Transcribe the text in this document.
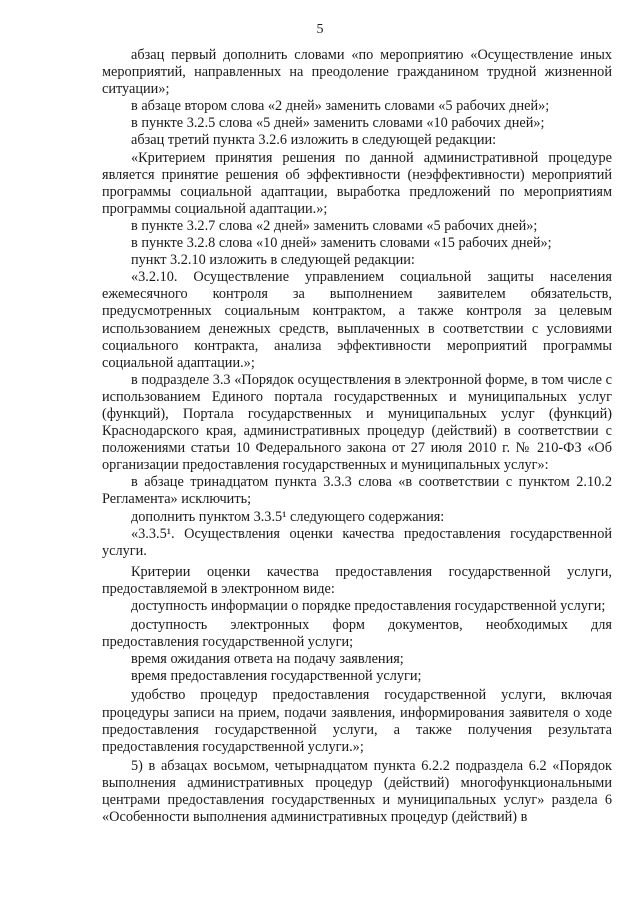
5

абзац первый дополнить словами «по мероприятию «Осуществление иных мероприятий, направленных на преодоление гражданином трудной жизненной ситуации»;

в абзаце втором слова «2 дней» заменить словами «5 рабочих дней»;

в пункте 3.2.5 слова «5 дней» заменить словами «10 рабочих дней»;

абзац третий пункта 3.2.6 изложить в следующей редакции:

«Критерием принятия решения по данной административной процедуре является принятие решения об эффективности (неэффективности) мероприятий программы социальной адаптации, выработка предложений по мероприятиям программы социальной адаптации.»;

в пункте 3.2.7 слова «2 дней» заменить словами «5 рабочих дней»;

в пункте 3.2.8 слова «10 дней» заменить словами «15 рабочих дней»;

пункт 3.2.10 изложить в следующей редакции:

«3.2.10. Осуществление управлением социальной защиты населения ежемесячного контроля за выполнением заявителем обязательств, предусмотренных социальным контрактом, а также контроля за целевым использованием денежных средств, выплаченных в соответствии с условиями социального контракта, анализа эффективности мероприятий программы социальной адаптации.»;

в подразделе 3.3 «Порядок осуществления в электронной форме, в том числе с использованием Единого портала государственных и муниципальных услуг (функций), Портала государственных и муниципальных услуг (функций) Краснодарского края, административных процедур (действий) в соответствии с положениями статьи 10 Федерального закона от 27 июля 2010 г. № 210-ФЗ «Об организации предоставления государственных и муниципальных услуг»:

в абзаце тринадцатом пункта 3.3.3 слова «в соответствии с пунктом 2.10.2 Регламента» исключить;

дополнить пунктом 3.3.5¹ следующего содержания:

«3.3.5¹. Осуществления оценки качества предоставления государственной услуги.

Критерии оценки качества предоставления государственной услуги, предоставляемой в электронном виде:

доступность информации о порядке предоставления государственной услуги;

доступность электронных форм документов, необходимых для предоставления государственной услуги;

время ожидания ответа на подачу заявления;

время предоставления государственной услуги;

удобство процедур предоставления государственной услуги, включая процедуры записи на прием, подачи заявления, информирования заявителя о ходе предоставления государственной услуги, а также получения результата предоставления государственной услуги.»;

5) в абзацах восьмом, четырнадцатом пункта 6.2.2 подраздела 6.2 «Порядок выполнения административных процедур (действий) многофункциональными центрами предоставления государственных и муниципальных услуг» раздела 6 «Особенности выполнения административных процедур (действий) в
